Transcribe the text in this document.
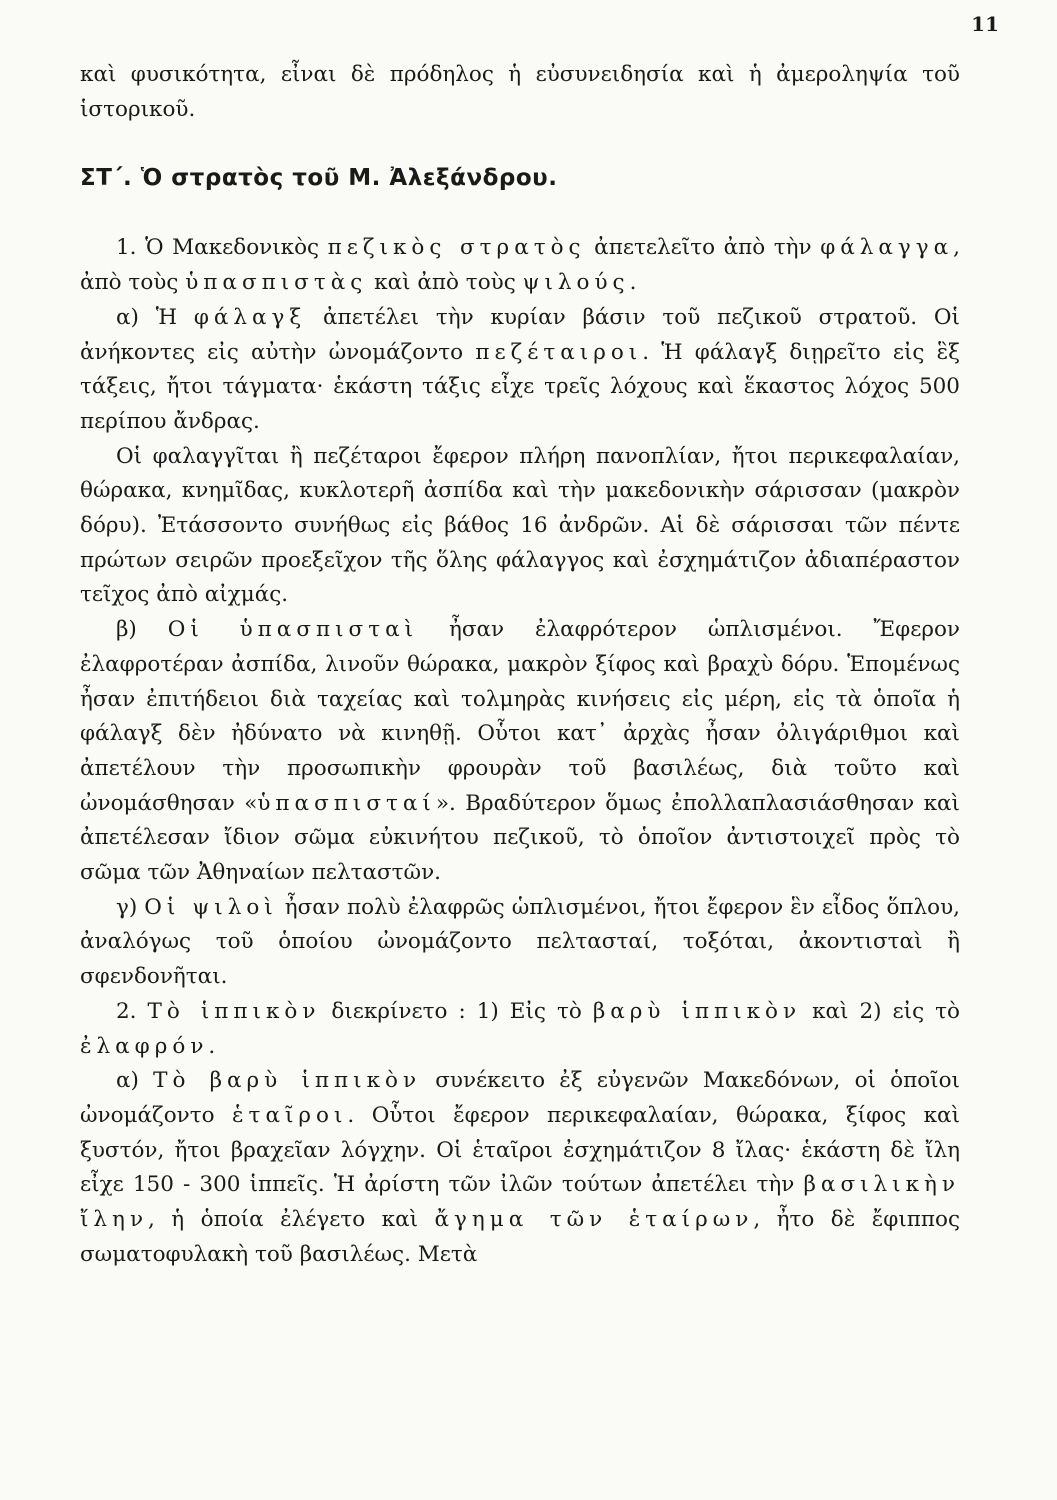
11

καὶ φυσικότητα, εἶναι δὲ πρόδηλος ἡ εὐσυνειδησία καὶ ἡ ἀμεροληψία τοῦ ἱστορικοῦ.

ΣΤ΄. Ὁ στρατὸς τοῦ Μ. Ἀλεξάνδρου.

1. Ὁ Μακεδονικὸς πεζικὸς στρατὸς ἀπετελεῖτο ἀπὸ τὴν φάλαγγα, ἀπὸ τοὺς ὑπασπιστὰς καὶ ἀπὸ τοὺς ψιλούς.

α) Ἡ φάλαγξ ἀπετέλει τὴν κυρίαν βάσιν τοῦ πεζικοῦ στρατοῦ. Οἱ ἀνήκοντες εἰς αὐτὴν ὠνομάζοντο πεζέταιροι. Ἡ φάλαγξ διῃρεῖτο εἰς ἓξ τάξεις, ἤτοι τάγματα· ἑκάστη τάξις εἶχε τρεῖς λόχους καὶ ἕκαστος λόχος 500 περίπου ἄνδρας.

Οἱ φαλαγγῖται ἢ πεζέταροι ἔφερον πλήρη πανοπλίαν, ἤτοι περικεφαλαίαν, θώρακα, κνημῖδας, κυκλοτερῆ ἀσπίδα καὶ τὴν μακεδονικὴν σάρισσαν (μακρὸν δόρυ). Ἐτάσσοντο συνήθως εἰς βάθος 16 ἀνδρῶν. Αἱ δὲ σάρισσαι τῶν πέντε πρώτων σειρῶν προεξεῖχον τῆς ὅλης φάλαγγος καὶ ἐσχημάτιζον ἀδιαπέραστον τεῖχος ἀπὸ αἰχμάς.

β) Οἱ ὑπασπισταὶ ἦσαν ἐλαφρότερον ὡπλισμένοι. Ἔφερον ἐλαφροτέραν ἀσπίδα, λινοῦν θώρακα, μακρὸν ξίφος καὶ βραχὺ δόρυ. Ἑπομένως ἦσαν ἐπιτήδειοι διὰ ταχείας καὶ τολμηρὰς κινήσεις εἰς μέρη, εἰς τὰ ὁποῖα ἡ φάλαγξ δὲν ἠδύνατο νὰ κινηθῇ. Οὗτοι κατ᾽ ἀρχὰς ἦσαν ὀλιγάριθμοι καὶ ἀπετέλουν τὴν προσωπικὴν φρουρὰν τοῦ βασιλέως, διὰ τοῦτο καὶ ὠνομάσθησαν «ὑπασπισταί». Βραδύτερον ὅμως ἐπολλαπλασιάσθησαν καὶ ἀπετέλεσαν ἴδιον σῶμα εὐκινήτου πεζικοῦ, τὸ ὁποῖον ἀντιστοιχεῖ πρὸς τὸ σῶμα τῶν Ἀθηναίων πελταστῶν.

γ) Οἱ ψιλοὶ ἦσαν πολὺ ἐλαφρῶς ὡπλισμένοι, ἤτοι ἔφερον ἓν εἶδος ὅπλου, ἀναλόγως τοῦ ὁποίου ὠνομάζοντο πελτασταί, τοξόται, ἀκοντισταὶ ἢ σφενδονῆται.

2. Τὸ ἱππικὸν διεκρίνετο : 1) Εἰς τὸ βαρὺ ἱππικὸν καὶ 2) εἰς τὸ ἐλαφρόν.

α) Τὸ βαρὺ ἱππικὸν συνέκειτο ἐξ εὐγενῶν Μακεδόνων, οἱ ὁποῖοι ὠνομάζοντο ἑταῖροι. Οὗτοι ἔφερον περικεφαλαίαν, θώρακα, ξίφος καὶ ξυστόν, ἤτοι βραχεῖαν λόγχην. Οἱ ἑταῖροι ἐσχημάτιζον 8 ἴλας· ἑκάστη δὲ ἴλη εἶχε 150 - 300 ἱππεῖς. Ἡ ἀρίστη τῶν ἰλῶν τούτων ἀπετέλει τὴν βασιλικὴν ἴλην, ἡ ὁποία ἐλέγετο καὶ ἄγημα τῶν ἑταίρων, ἦτο δὲ ἔφιππος σωματοφυλακὴ τοῦ βασιλέως. Μετὰ
